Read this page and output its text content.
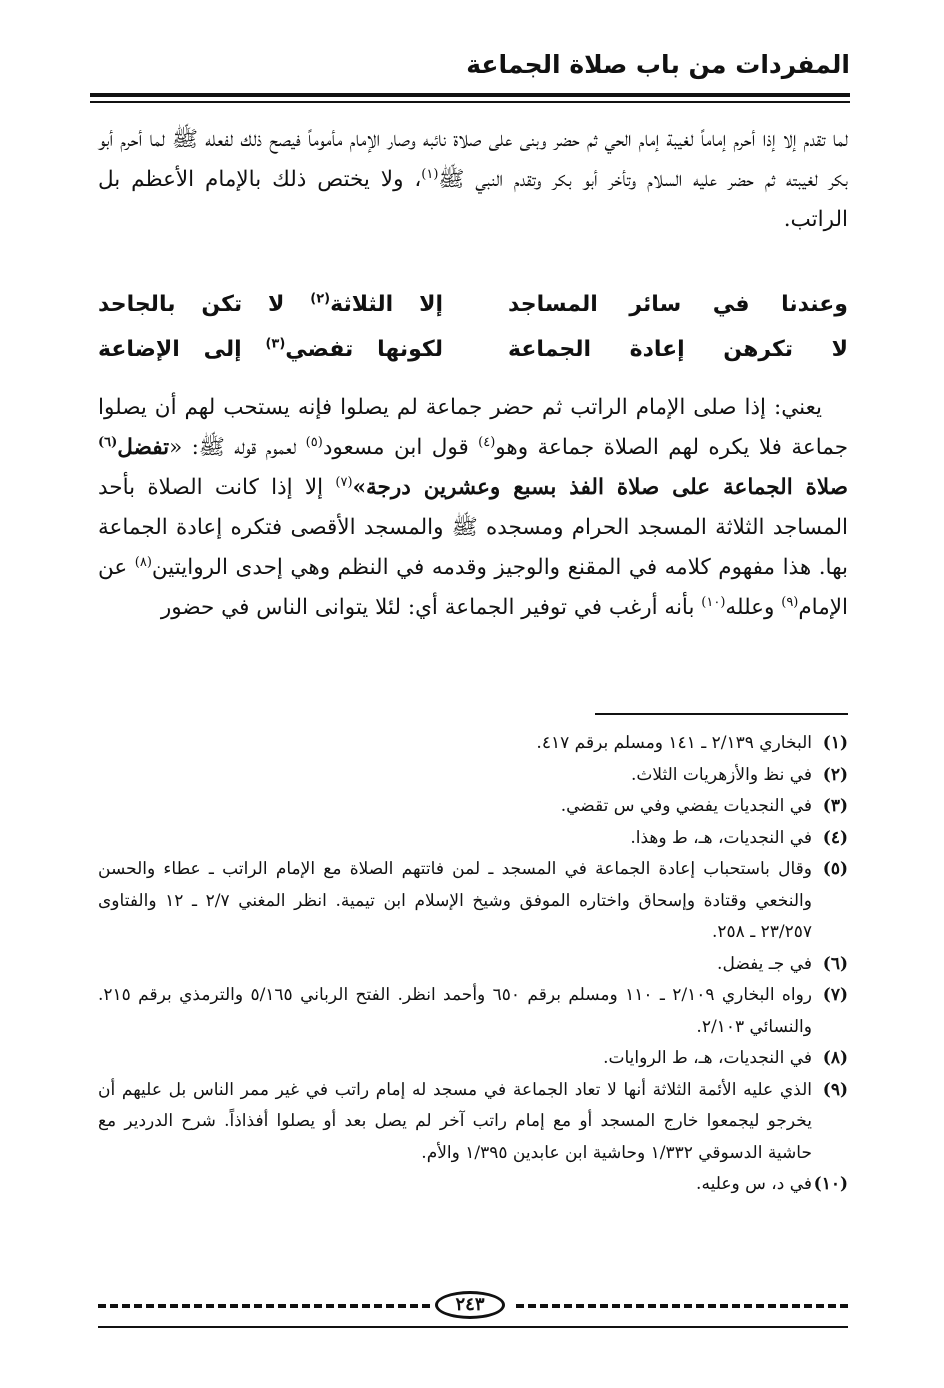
المفردات من باب صلاة الجماعة

لما تقدم إلا إذا أحرم إماماً لغيبة إمام الحي ثم حضر وبنى على صلاة نائبه وصار الإمام مأموماً فيصح ذلك لفعله ﷺ لما أحرم أبو بكر لغيبته ثم حضر عليه السلام وتأخر أبو بكر وتقدم النبي ﷺ$^{(١)}$، ولا يختص ذلك بالإمام الأعظم بل الراتب.

وعندنا في سائر المساجد
إلا الثلاثة$^{(٢)}$ لا تكن بالجاحد
لا تكرهن إعادة الجماعة
لكونها تفضي$^{(٣)}$ إلى الإضاعة

يعني: إذا صلى الإمام الراتب ثم حضر جماعة لم يصلوا فإنه يستحب لهم أن يصلوا جماعة فلا يكره لهم الصلاة جماعة وهو$^{(٤)}$ قول ابن مسعود$^{(٥)}$ لعموم قوله ﷺ: «تفضل$^{(٦)}$ صلاة الجماعة على صلاة الفذ بسبع وعشرين درجة»$^{(٧)}$ إلا إذا كانت الصلاة بأحد المساجد الثلاثة المسجد الحرام ومسجده ﷺ والمسجد الأقصى فتكره إعادة الجماعة بها. هذا مفهوم كلامه في المقنع والوجيز وقدمه في النظم وهي إحدى الروايتين$^{(٨)}$ عن الإمام$^{(٩)}$ وعلله$^{(١٠)}$ بأنه أرغب في توفير الجماعة أي: لئلا يتوانى الناس في حضور

(١)
البخاري ٢/١٣٩ ـ ١٤١ ومسلم برقم ٤١٧.
(٢)
في نظ والأزهريات الثلاث.
(٣)
في النجديات يفضي وفي س تقضي.
(٤)
في النجديات، هـ، ط وهذا.
(٥)
وقال باستحباب إعادة الجماعة في المسجد ـ لمن فاتتهم الصلاة مع الإمام الراتب ـ عطاء والحسن والنخعي وقتادة وإسحاق واختاره الموفق وشيخ الإسلام ابن تيمية. انظر المغني ٢/٧ ـ ١٢ والفتاوى ٢٣/٢٥٧ ـ ٢٥٨.
(٦)
في جـ يفضل.
(٧)
رواه البخاري ٢/١٠٩ ـ ١١٠ ومسلم برقم ٦٥٠ وأحمد انظر. الفتح الرباني ٥/١٦٥ والترمذي برقم ٢١٥. والنسائي ٢/١٠٣.
(٨)
في النجديات، هـ، ط الروايات.
(٩)
الذي عليه الأئمة الثلاثة أنها لا تعاد الجماعة في مسجد له إمام راتب في غير ممر الناس بل عليهم أن يخرجو ليجمعوا خارج المسجد أو مع إمام راتب آخر لم يصل بعد أو يصلوا أفذاذاً. شرح الدردير مع حاشية الدسوقي ١/٣٣٢ وحاشية ابن عابدين ١/٣٩٥ والأم.
(١٠)
في د، س وعليه.
٢٤٣
